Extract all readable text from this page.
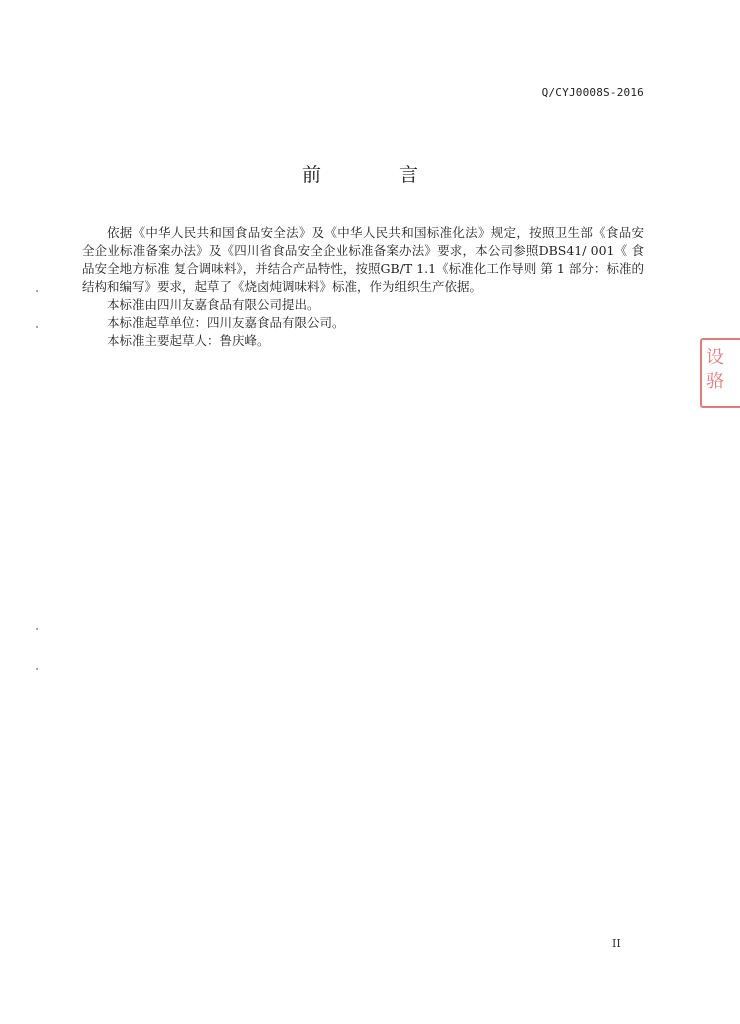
Q/CYJ0008S-2016
前 言

依据《中华人民共和国食品安全法》及《中华人民共和国标准化法》规定，按照卫生部《食品安全企业标准备案办法》及《四川省食品安全企业标准备案办法》要求，本公司参照DBS41/ 001《 食品安全地方标准 复合调味料》，并结合产品特性，按照GB/T 1.1《标准化工作导则 第 1 部分：标准的结构和编写》要求，起草了《烧卤炖调味料》标准，作为组织生产依据。

本标准由四川友嘉食品有限公司提出。

本标准起草单位：四川友嘉食品有限公司。

本标准主要起草人：鲁庆峰。

设
骆
II
